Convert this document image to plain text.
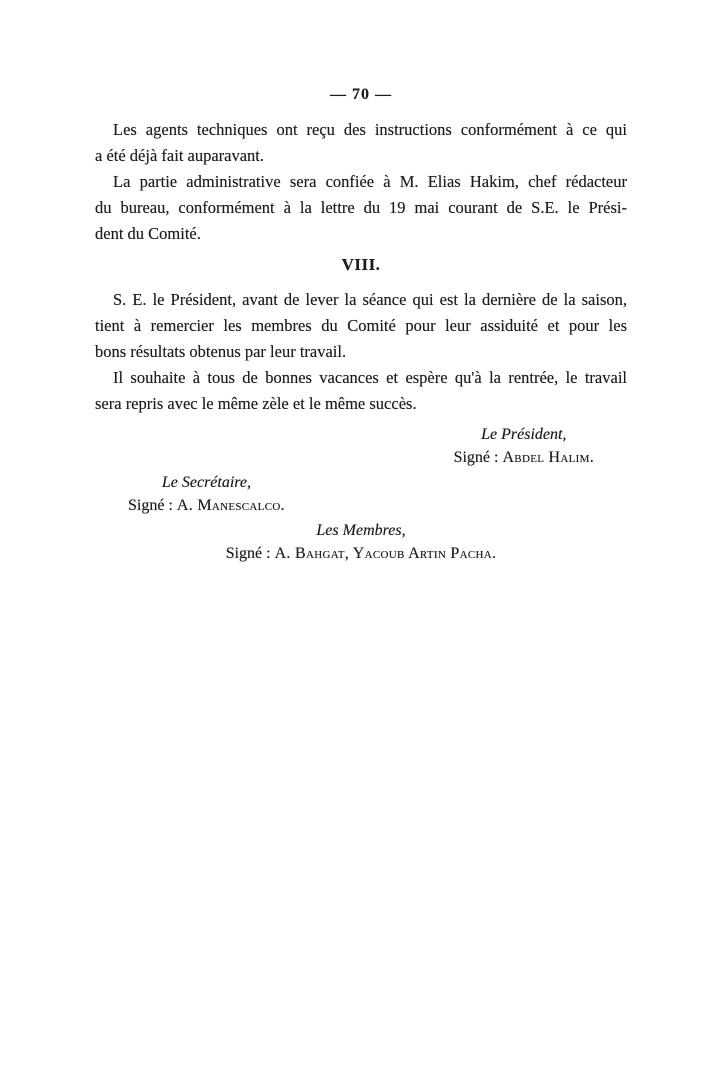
— 70 —
Les agents techniques ont reçu des instructions conformément à ce qui
a été déjà fait auparavant.
La partie administrative sera confiée à M. Elias Hakim, chef rédacteur
du bureau, conformément à la lettre du 19 mai courant de S.E. le Prési-
dent du Comité.
VIII.
S. E. le Président, avant de lever la séance qui est la dernière de la saison,
tient à remercier les membres du Comité pour leur assiduité et pour les
bons résultats obtenus par leur travail.
Il souhaite à tous de bonnes vacances et espère qu'à la rentrée, le travail
sera repris avec le même zèle et le même succès.
Le Président,
Signé : Abdel Halim.
Le Secrétaire,
Signé : A. Manescalco.
Les Membres,
Signé : A. Bahgat, Yacoub Artin Pacha.
